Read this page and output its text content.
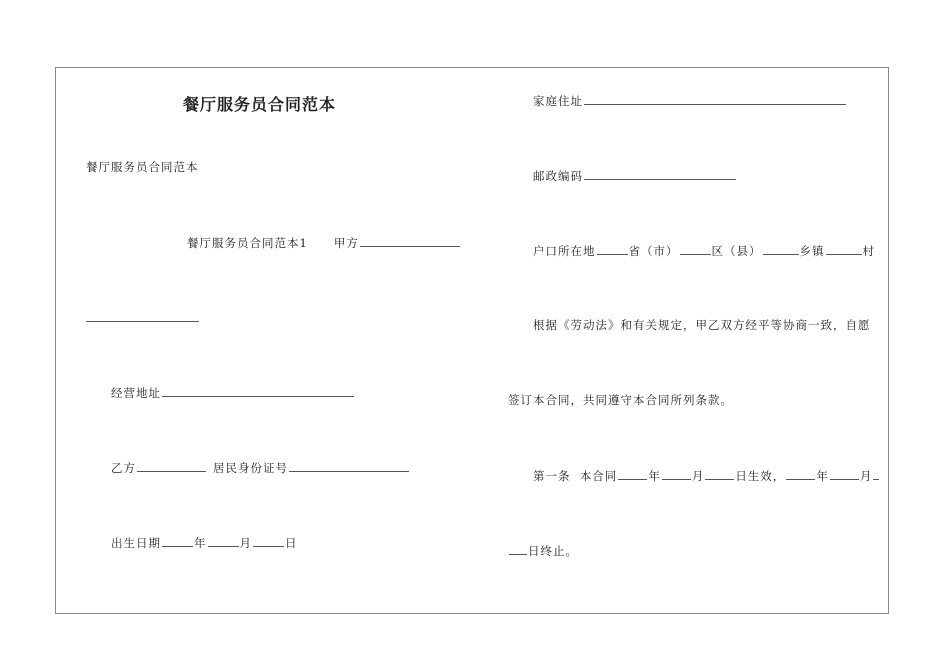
餐厅服务员合同范本
餐厅服务员合同范本
餐厅服务员合同范本1 甲方
经营地址
乙方	居民身份证号
出生日期	年	月	日
家庭住址
邮政编码
户口所在地	省（市）	区（县）	乡镇	村
根据《劳动法》和有关规定，甲乙双方经平等协商一致，自愿
签订本合同，共同遵守本合同所列条款。
第一条  本合同	年	月	日生效，	年	月
日终止。
